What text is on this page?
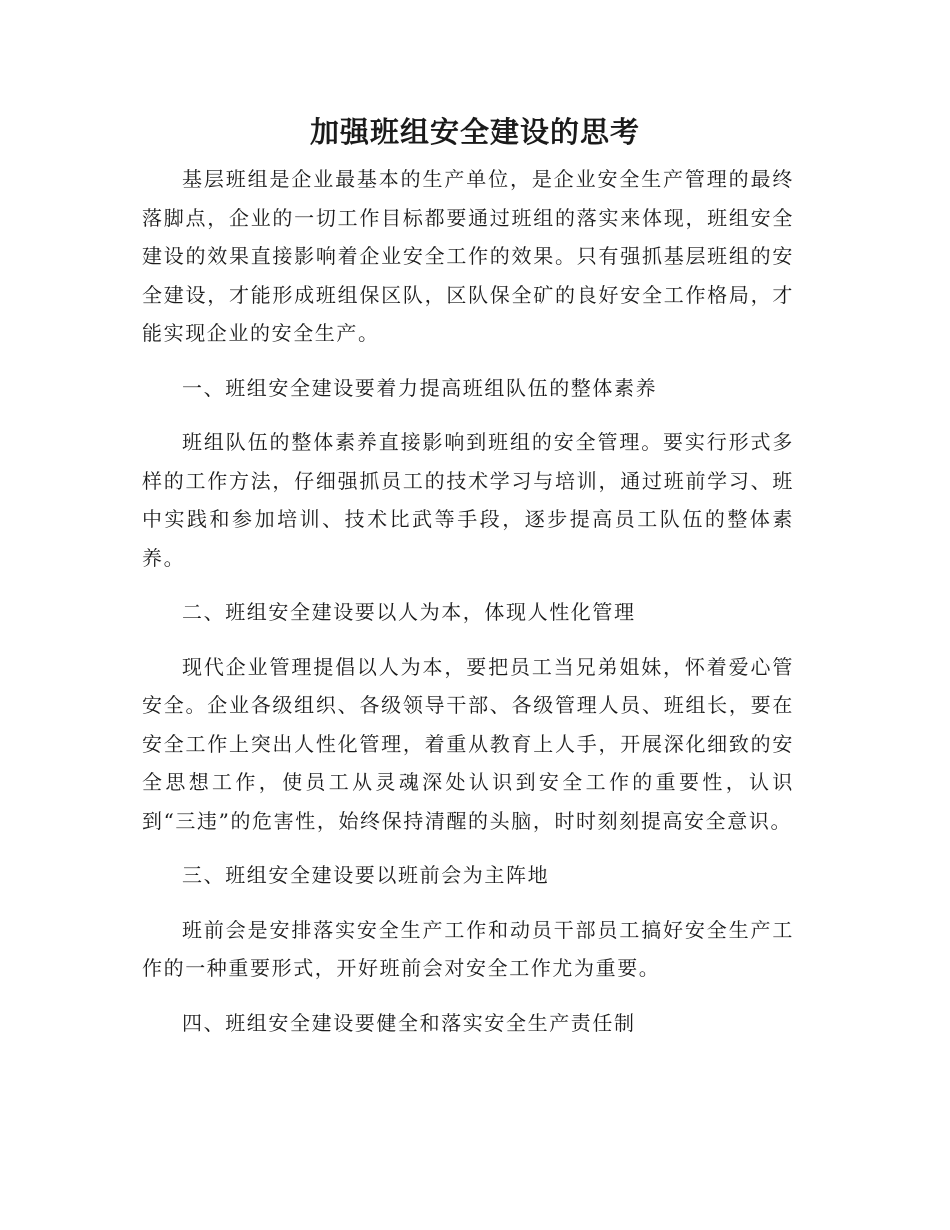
加强班组安全建设的思考

基层班组是企业最基本的生产单位，是企业安全生产管理的最终落脚点，企业的一切工作目标都要通过班组的落实来体现，班组安全建设的效果直接影响着企业安全工作的效果。只有强抓基层班组的安全建设，才能形成班组保区队，区队保全矿的良好安全工作格局，才能实现企业的安全生产。

一、班组安全建设要着力提高班组队伍的整体素养

班组队伍的整体素养直接影响到班组的安全管理。要实行形式多样的工作方法，仔细强抓员工的技术学习与培训，通过班前学习、班中实践和参加培训、技术比武等手段，逐步提高员工队伍的整体素养。

二、班组安全建设要以人为本，体现人性化管理

现代企业管理提倡以人为本，要把员工当兄弟姐妹，怀着爱心管安全。企业各级组织、各级领导干部、各级管理人员、班组长，要在安全工作上突出人性化管理，着重从教育上人手，开展深化细致的安全思想工作，使员工从灵魂深处认识到安全工作的重要性，认识到“三违”的危害性，始终保持清醒的头脑，时时刻刻提高安全意识。

三、班组安全建设要以班前会为主阵地

班前会是安排落实安全生产工作和动员干部员工搞好安全生产工作的一种重要形式，开好班前会对安全工作尤为重要。

四、班组安全建设要健全和落实安全生产责任制
